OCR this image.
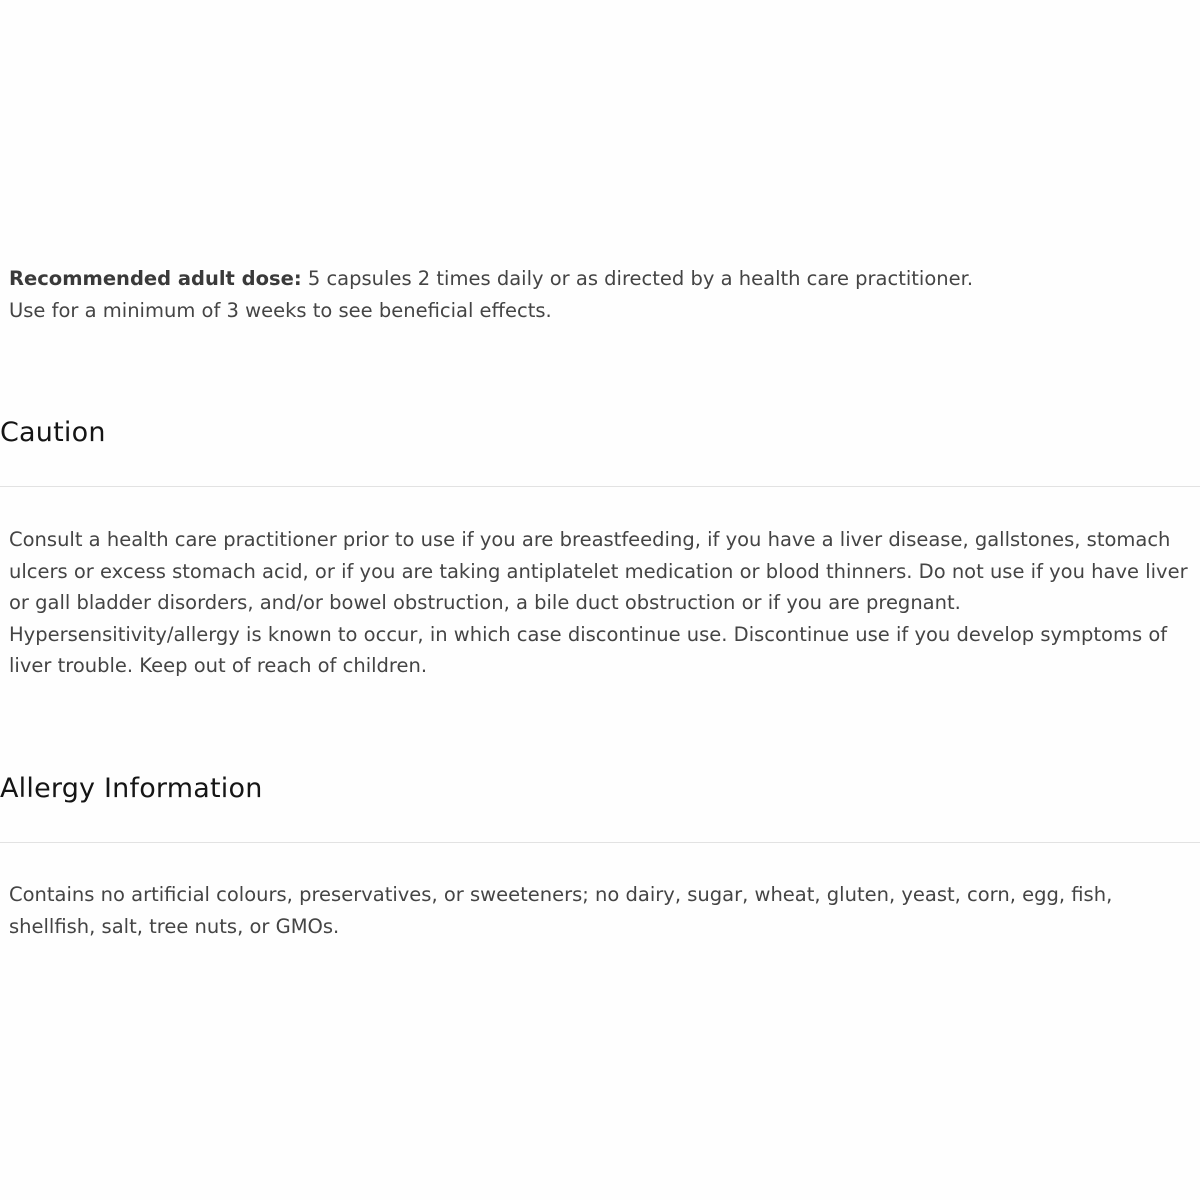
Recommended adult dose: 5 capsules 2 times daily or as directed by a health care practitioner.
Use for a minimum of 3 weeks to see beneficial effects.

Caution

Consult a health care practitioner prior to use if you are breastfeeding, if you have a liver disease, gallstones, stomach ulcers or excess stomach acid, or if you are taking antiplatelet medication or blood thinners. Do not use if you have liver or gall bladder disorders, and/or bowel obstruction, a bile duct obstruction or if you are pregnant. Hypersensitivity/allergy is known to occur, in which case discontinue use. Discontinue use if you develop symptoms of liver trouble. Keep out of reach of children.

Allergy Information

Contains no artificial colours, preservatives, or sweeteners; no dairy, sugar, wheat, gluten, yeast, corn, egg, fish, shellfish, salt, tree nuts, or GMOs.
